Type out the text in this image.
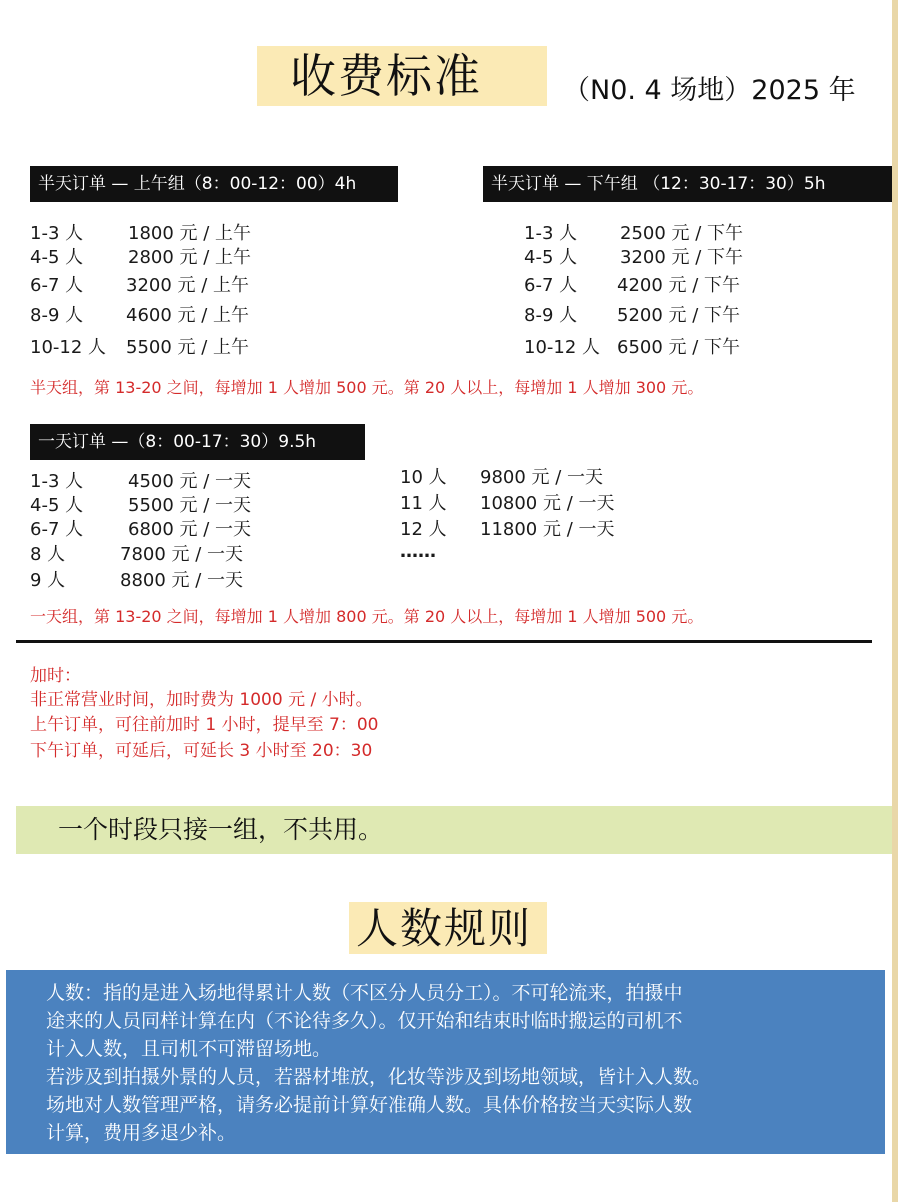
收费标准	（N0. 4 场地）2025 年
半天订单 — 上午组（8：00-12：00）4h
1-3 人 1800 元 / 上午
4-5 人 2800 元 / 上午
6-7 人 3200 元 / 上午
8-9 人 4600 元 / 上午
10-12 人 5500 元 / 上午
半天订单 — 下午组 （12：30-17：30）5h
1-3 人 2500 元 / 下午
4-5 人 3200 元 / 下午
6-7 人 4200 元 / 下午
8-9 人 5200 元 / 下午
10-12 人 6500 元 / 下午
半天组，第 13-20 之间，每增加 1 人增加 500 元。第 20 人以上，每增加 1 人增加 300 元。
一天订单 —（8：00-17：30）9.5h
1-3 人 4500 元 / 一天
4-5 人 5500 元 / 一天
6-7 人 6800 元 / 一天
8 人	7800 元 / 一天
9 人	8800 元 / 一天
10 人 9800 元 / 一天
11 人 10800 元 / 一天
12 人 11800 元 / 一天
……
一天组，第 13-20 之间，每增加 1 人增加 800 元。第 20 人以上，每增加 1 人增加 500 元。
加时：
非正常营业时间，加时费为 1000 元 / 小时。
上午订单，可往前加时 1 小时，提早至 7：00
下午订单，可延后，可延长 3 小时至 20：30
一个时段只接一组，不共用。
人数规则
人数：指的是进入场地得累计人数（不区分人员分工）。不可轮流来，拍摄中
途来的人员同样计算在内（不论待多久）。仅开始和结束时临时搬运的司机不
计入人数，且司机不可滞留场地。
若涉及到拍摄外景的人员，若器材堆放，化妆等涉及到场地领域，皆计入人数。
场地对人数管理严格，请务必提前计算好准确人数。具体价格按当天实际人数
计算，费用多退少补。
